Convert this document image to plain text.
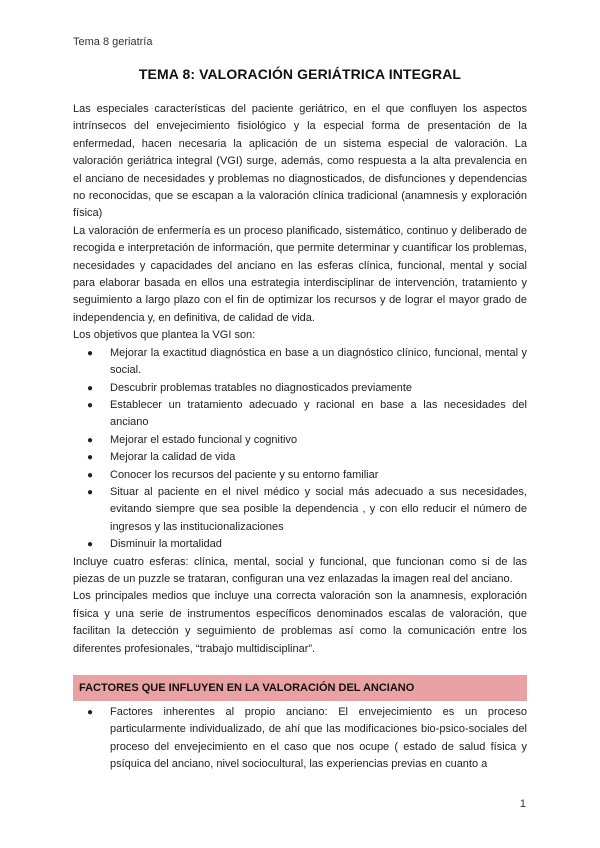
Tema 8 geriatría
TEMA 8: VALORACIÓN GERIÁTRICA INTEGRAL

Las especiales características del paciente geriátrico, en el que confluyen los aspectos intrínsecos del envejecimiento fisiológico y la especial forma de presentación de la enfermedad, hacen necesaria la aplicación de un sistema especial de valoración. La valoración geriátrica integral (VGI) surge, además, como respuesta a la alta prevalencia en el anciano de necesidades y problemas no diagnosticados, de disfunciones y dependencias no reconocidas, que se escapan a la valoración clínica tradicional (anamnesis y exploración física)

La valoración de enfermería es un proceso planificado, sistemático, continuo y deliberado de recogida e interpretación de información, que permite determinar y cuantificar los problemas, necesidades y capacidades del anciano en las esferas clínica, funcional, mental y social para elaborar basada en ellos una estrategia interdisciplinar de intervención, tratamiento y seguimiento a largo plazo con el fin de optimizar los recursos y de lograr el mayor grado de independencia y, en definitiva, de calidad de vida.

Los objetivos que plantea la VGI son:

● Mejorar la exactitud diagnóstica en base a un diagnóstico clínico, funcional, mental y social.
● Descubrir problemas tratables no diagnosticados previamente
● Establecer un tratamiento adecuado y racional en base a las necesidades del anciano
● Mejorar el estado funcional y cognitivo
● Mejorar la calidad de vida
● Conocer los recursos del paciente y su entorno familiar
● Situar al paciente en el nivel médico y social más adecuado a sus necesidades, evitando siempre que sea posible la dependencia , y con ello reducir el número de ingresos y las institucionalizaciones
● Disminuir la mortalidad

Incluye cuatro esferas: clínica, mental, social y funcional, que funcionan como si de las piezas de un puzzle se trataran, configuran una vez enlazadas la imagen real del anciano.

Los principales medios que incluye una correcta valoración son la anamnesis, exploración física y una serie de instrumentos específicos denominados escalas de valoración, que facilitan la detección y seguimiento de problemas así como la comunicación entre los diferentes profesionales, “trabajo multidisciplinar”.

FACTORES QUE INFLUYEN EN LA VALORACIÓN DEL ANCIANO
● Factores inherentes al propio anciano: El envejecimiento es un proceso particularmente individualizado, de ahí que las modificaciones bio-psico-sociales del proceso del envejecimiento en el caso que nos ocupe ( estado de salud física y psíquica del anciano, nivel sociocultural, las experiencias previas en cuanto a
1
